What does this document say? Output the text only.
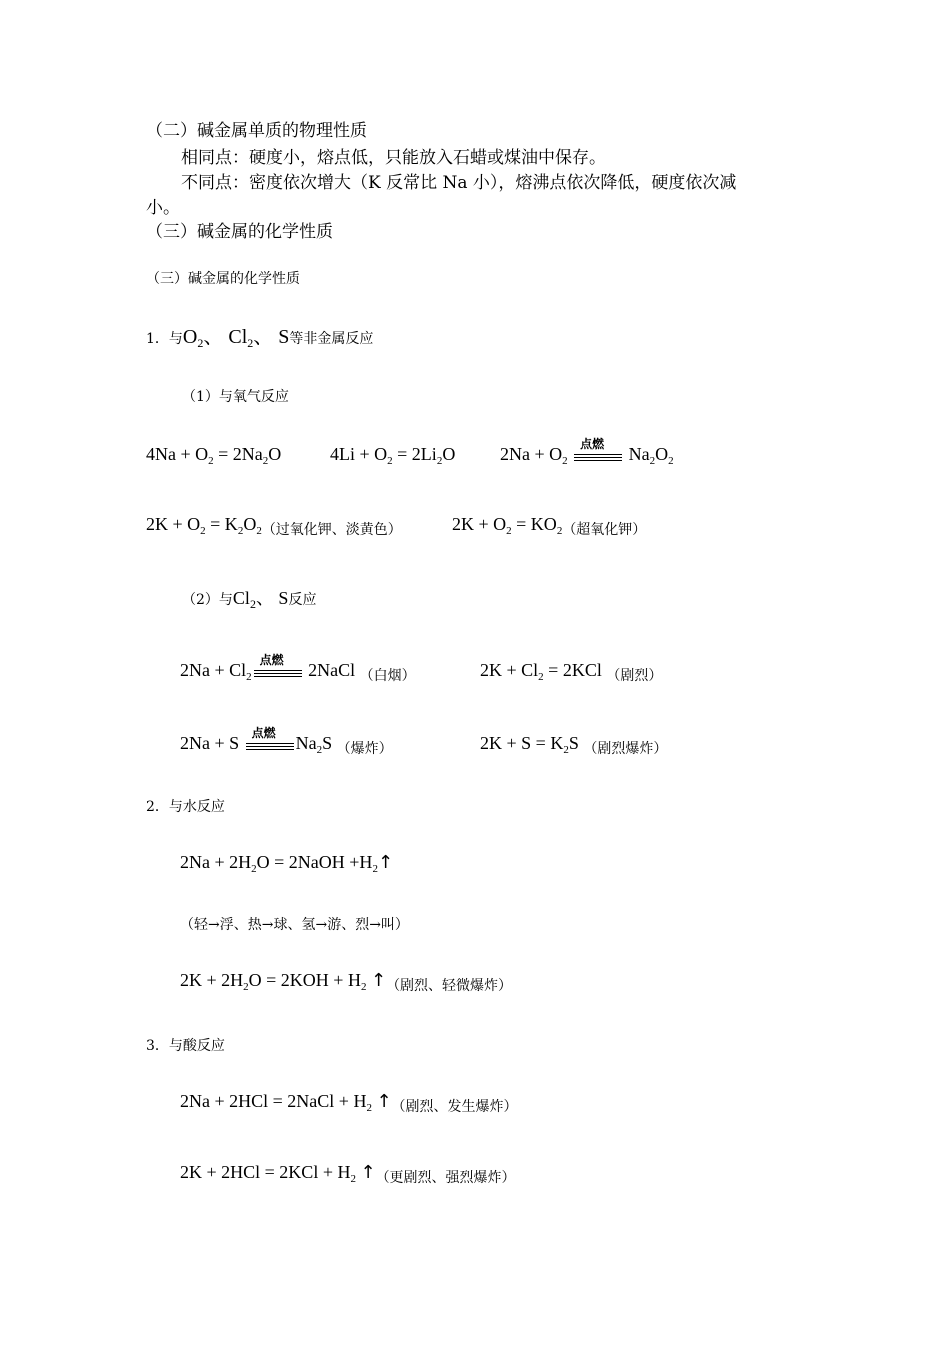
（二）碱金属单质的物理性质
相同点：硬度小，熔点低，只能放入石蜡或煤油中保存。
不同点：密度依次增大（K 反常比 Na 小），熔沸点依次降低，硬度依次减
小。
（三）碱金属的化学性质
（三）碱金属的化学性质
1．与$O_2$、 $Cl_2$、 S等非金属反应
（1）与氧气反应
$4Na + O_2 = 2Na_2O$	$4Li + O_2 = 2Li_2O$ $2Na + O_2$
点燃
$Na_2O_2$
$2K + O_2 = K_2O_{2(过氧化钾、淡黄色)}$	$2K + O_2 = KO_{2(超氧化钾)}$
（2）与$Cl_2$、 S反应
$2Na + Cl_2$
点燃
2NaCl $_{(白烟)}$	$2K + Cl_2 = 2KCl$ $_{(剧烈)}$
2Na + S
点燃
$Na_2S$ $_{(爆炸)}$	$2K + S = K_2S$ $_{(剧烈爆炸)}$
2．与水反应
$2Na + 2H_2O$ = 2NaOH $+H_2↑$
（轻→浮、热→球、氢→游、烈→叫）
$2K + 2H_2O = 2KOH + H_2$ $↑_{(剧烈、轻微爆炸)}$
3．与酸反应
2Na + 2HCl = 2NaCl + $H_2$ $↑_{(剧烈、发生爆炸)}$
$2K + 2HCl = 2KCl + H_2$ $↑_{(更剧烈、强烈爆炸)}$
